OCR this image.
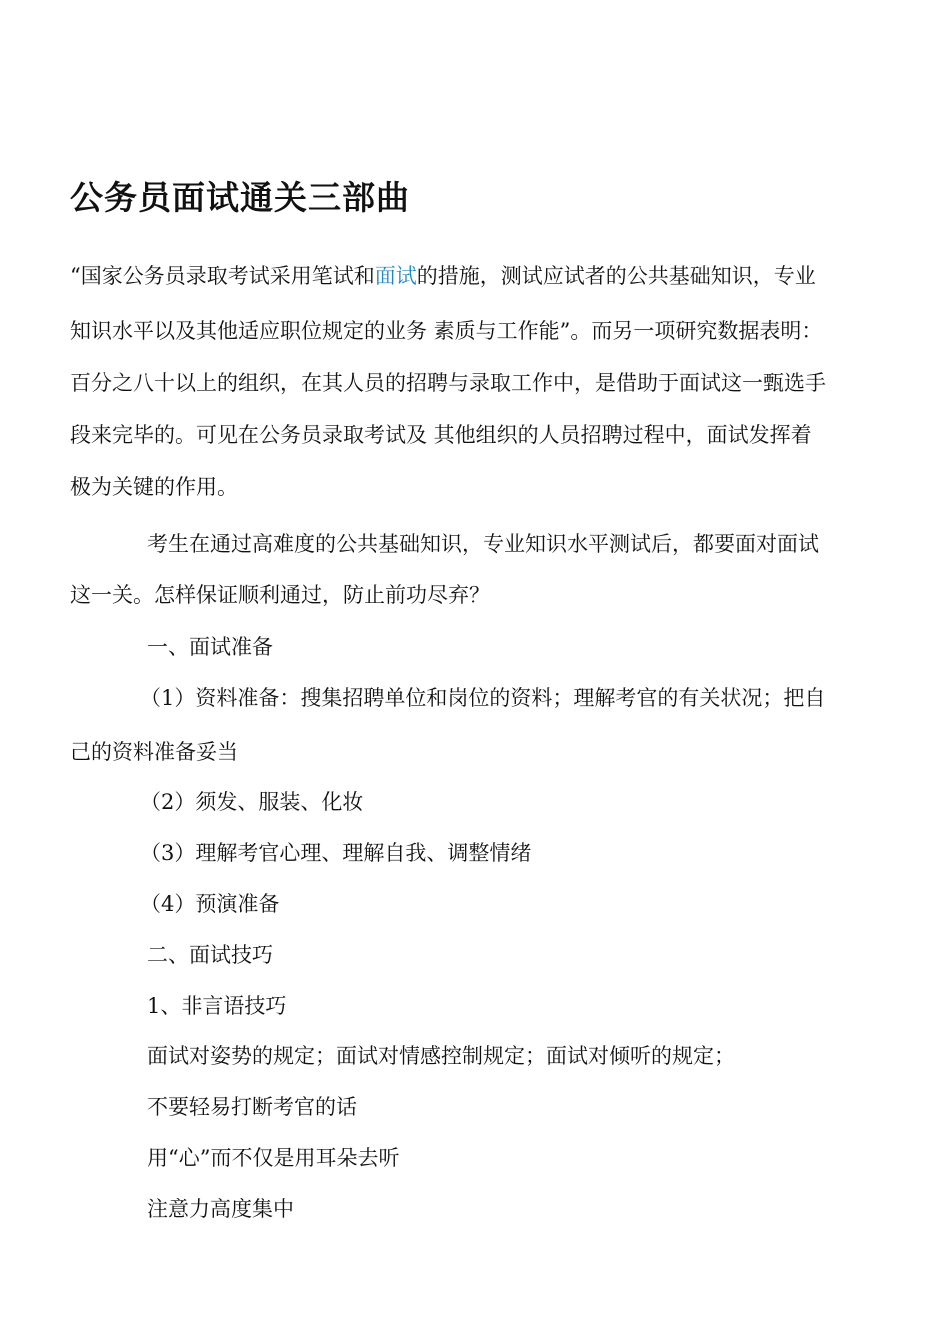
公务员面试通关三部曲
“国家公务员录取考试采用笔试和面试的措施，测试应试者的公共基础知识，专业
知识水平以及其他适应职位规定的业务 素质与工作能”。而另一项研究数据表明：
百分之八十以上的组织，在其人员的招聘与录取工作中，是借助于面试这一甄选手
段来完毕的。可见在公务员录取考试及 其他组织的人员招聘过程中，面试发挥着
极为关键的作用。
考生在通过高难度的公共基础知识，专业知识水平测试后，都要面对面试
这一关。怎样保证顺利通过，防止前功尽弃？
一、面试准备
（1）资料准备：搜集招聘单位和岗位的资料；理解考官的有关状况；把自
己的资料准备妥当
（2）须发、服装、化妆
（3）理解考官心理、理解自我、调整情绪
（4）预演准备
二、面试技巧
1、非言语技巧
面试对姿势的规定；面试对情感控制规定；面试对倾听的规定；
不要轻易打断考官的话
用“心”而不仅是用耳朵去听
注意力高度集中
